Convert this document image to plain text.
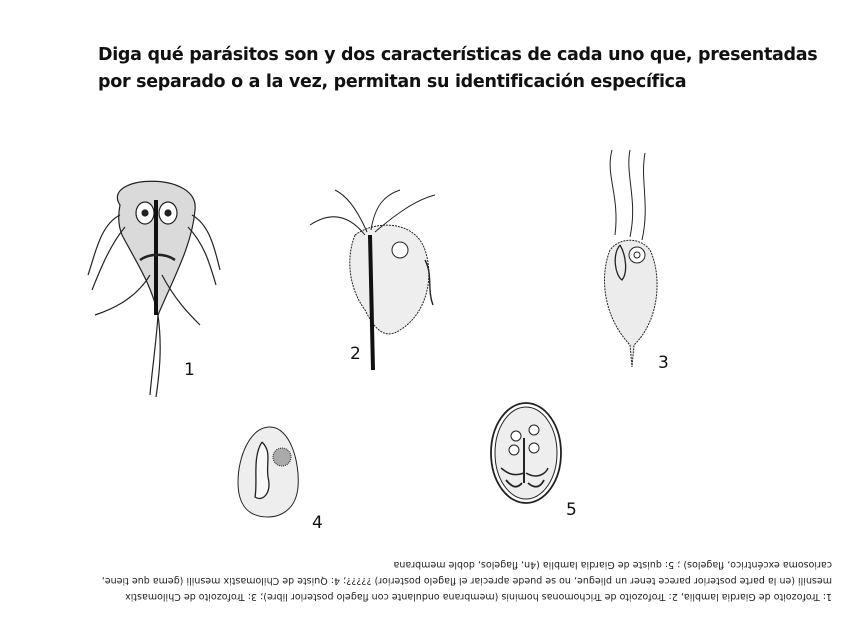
Diga qué parásitos son y dos características de cada uno que, presentadas
por separado o a la vez, permitan su identificación específica
1
2	3
4
5
1: Trofozoito de Giardia lamblia, 2: Trofozoito de Trichomonas hominis (membrana ondulante con flagelo posterior libre); 3: Trofozoito de Chilomastix
mesnili (en la parte posterior parece tener un pliegue, no se puede apreciar el flagelo posterior) ?????; 4: Quiste de Chilomastix mesnili (gema que tiene,
cariosoma excéntrico, flagelos) ; 5: quiste de Giardia lamblia (4n, flagelos, doble membrana
